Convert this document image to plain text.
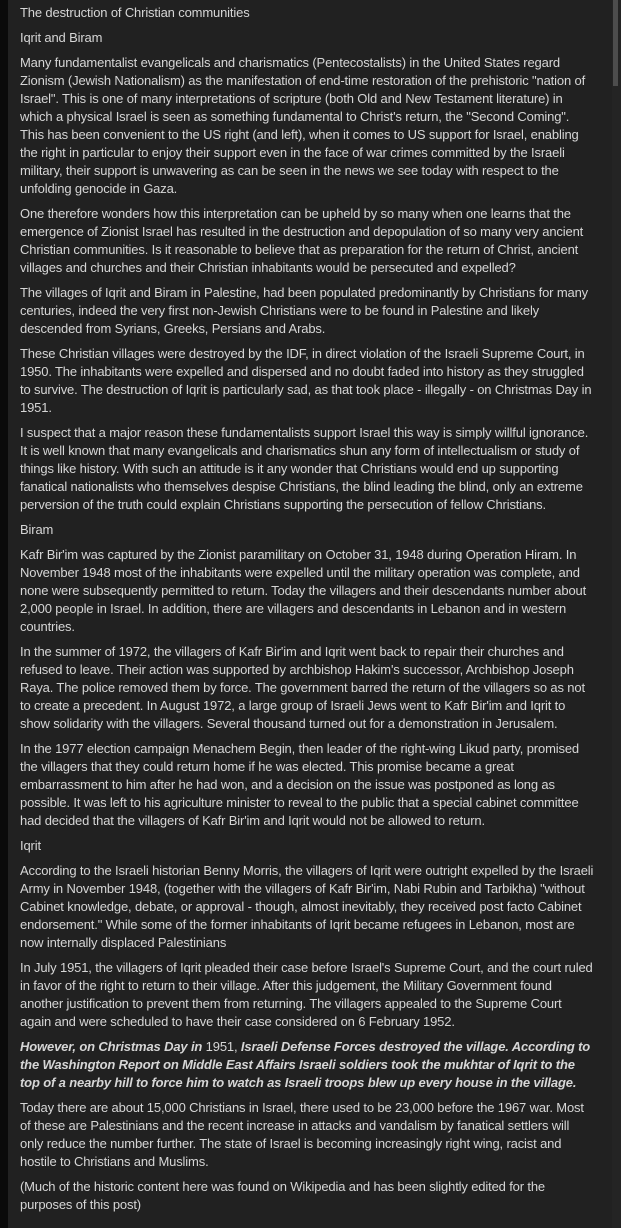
The destruction of Christian communities

Iqrit and Biram

Many fundamentalist evangelicals and charismatics (Pentecostalists) in the United States regard Zionism (Jewish Nationalism) as the manifestation of end-time restoration of the prehistoric "nation of Israel". This is one of many interpretations of scripture (both Old and New Testament literature) in which a physical Israel is seen as something fundamental to Christ's return, the "Second Coming". This has been convenient to the US right (and left), when it comes to US support for Israel, enabling the right in particular to enjoy their support even in the face of war crimes committed by the Israeli military, their support is unwavering as can be seen in the news we see today with respect to the unfolding genocide in Gaza.

One therefore wonders how this interpretation can be upheld by so many when one learns that the emergence of Zionist Israel has resulted in the destruction and depopulation of so many very ancient Christian communities. Is it reasonable to believe that as preparation for the return of Christ, ancient villages and churches and their Christian inhabitants would be persecuted and expelled?

The villages of Iqrit and Biram in Palestine, had been populated predominantly by Christians for many centuries, indeed the very first non-Jewish Christians were to be found in Palestine and likely descended from Syrians, Greeks, Persians and Arabs.

These Christian villages were destroyed by the IDF, in direct violation of the Israeli Supreme Court, in 1950. The inhabitants were expelled and dispersed and no doubt faded into history as they struggled to survive. The destruction of Iqrit is particularly sad, as that took place - illegally - on Christmas Day in 1951.

I suspect that a major reason these fundamentalists support Israel this way is simply willful ignorance. It is well known that many evangelicals and charismatics shun any form of intellectualism or study of things like history. With such an attitude is it any wonder that Christians would end up supporting fanatical nationalists who themselves despise Christians, the blind leading the blind, only an extreme perversion of the truth could explain Christians supporting the persecution of fellow Christians.

Biram

Kafr Bir'im was captured by the Zionist paramilitary on October 31, 1948 during Operation Hiram. In November 1948 most of the inhabitants were expelled until the military operation was complete, and none were subsequently permitted to return. Today the villagers and their descendants number about 2,000 people in Israel. In addition, there are villagers and descendants in Lebanon and in western countries.

In the summer of 1972, the villagers of Kafr Bir'im and Iqrit went back to repair their churches and refused to leave. Their action was supported by archbishop Hakim's successor, Archbishop Joseph Raya. The police removed them by force. The government barred the return of the villagers so as not to create a precedent. In August 1972, a large group of Israeli Jews went to Kafr Bir'im and Iqrit to show solidarity with the villagers. Several thousand turned out for a demonstration in Jerusalem.

In the 1977 election campaign Menachem Begin, then leader of the right-wing Likud party, promised the villagers that they could return home if he was elected. This promise became a great embarrassment to him after he had won, and a decision on the issue was postponed as long as possible. It was left to his agriculture minister to reveal to the public that a special cabinet committee had decided that the villagers of Kafr Bir'im and Iqrit would not be allowed to return.

Iqrit

According to the Israeli historian Benny Morris, the villagers of Iqrit were outright expelled by the Israeli Army in November 1948, (together with the villagers of Kafr Bir'im, Nabi Rubin and Tarbikha) "without Cabinet knowledge, debate, or approval - though, almost inevitably, they received post facto Cabinet endorsement." While some of the former inhabitants of Iqrit became refugees in Lebanon, most are now internally displaced Palestinians

In July 1951, the villagers of Iqrit pleaded their case before Israel's Supreme Court, and the court ruled in favor of the right to return to their village. After this judgement, the Military Government found another justification to prevent them from returning. The villagers appealed to the Supreme Court again and were scheduled to have their case considered on 6 February 1952.

However, on Christmas Day in 1951, Israeli Defense Forces destroyed the village. According to the Washington Report on Middle East Affairs Israeli soldiers took the mukhtar of Iqrit to the top of a nearby hill to force him to watch as Israeli troops blew up every house in the village.

Today there are about 15,000 Christians in Israel, there used to be 23,000 before the 1967 war. Most of these are Palestinians and the recent increase in attacks and vandalism by fanatical settlers will only reduce the number further. The state of Israel is becoming increasingly right wing, racist and hostile to Christians and Muslims.

(Much of the historic content here was found on Wikipedia and has been slightly edited for the purposes of this post)
